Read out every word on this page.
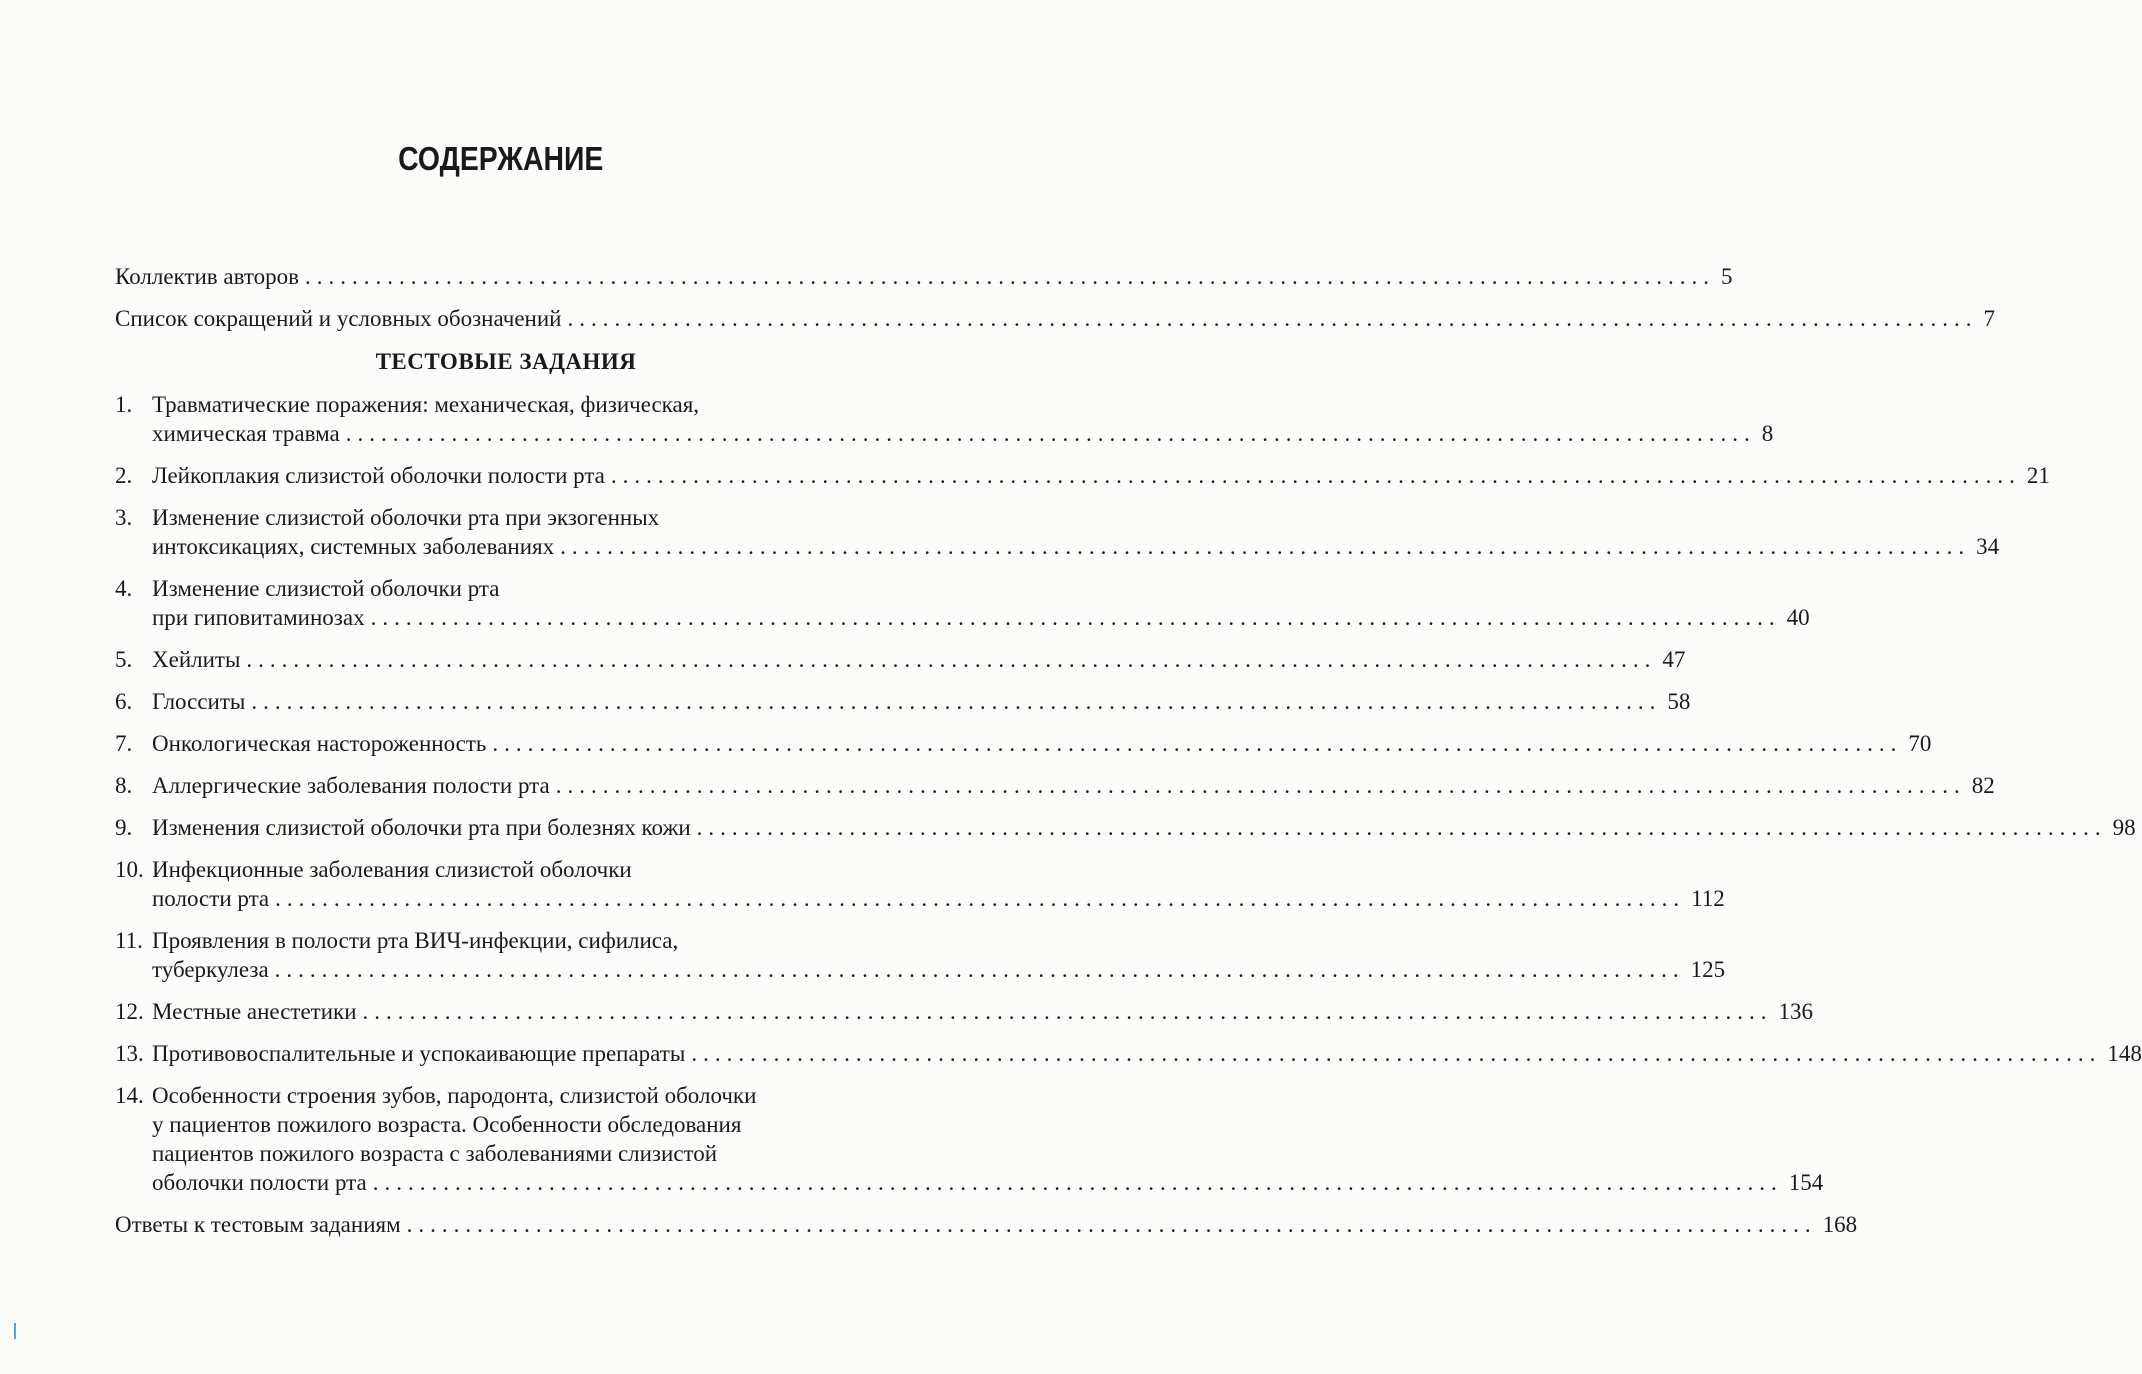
СОДЕРЖАНИЕ
Коллектив авторов ........................................................................................................................ 5
Список сокращений и условных обозначений ........................................................................................................................ 7
ТЕСТОВЫЕ ЗАДАНИЯ
1. Травматические поражения: механическая, физическая,
химическая травма ........................................................................................................................ 8
2. Лейкоплакия слизистой оболочки полости рта ........................................................................................................................ 21
3. Изменение слизистой оболочки рта при экзогенных
интоксикациях, системных заболеваниях ........................................................................................................................ 34
4. Изменение слизистой оболочки рта
при гиповитаминозах ........................................................................................................................ 40
5. Хейлиты ........................................................................................................................ 47
6. Глосситы ........................................................................................................................ 58
7. Онкологическая настороженность ........................................................................................................................ 70
8. Аллергические заболевания полости рта ........................................................................................................................ 82
9. Изменения слизистой оболочки рта при болезнях кожи ........................................................................................................................ 98
10. Инфекционные заболевания слизистой оболочки
полости рта ........................................................................................................................ 112
11. Проявления в полости рта ВИЧ-инфекции, сифилиса,
туберкулеза ........................................................................................................................ 125
12. Местные анестетики ........................................................................................................................ 136
13. Противовоспалительные и успокаивающие препараты ........................................................................................................................ 148
14. Особенности строения зубов, пародонта, слизистой оболочки
у пациентов пожилого возраста. Особенности обследования
пациентов пожилого возраста с заболеваниями слизистой
оболочки полости рта ........................................................................................................................ 154
Ответы к тестовым заданиям ........................................................................................................................ 168
